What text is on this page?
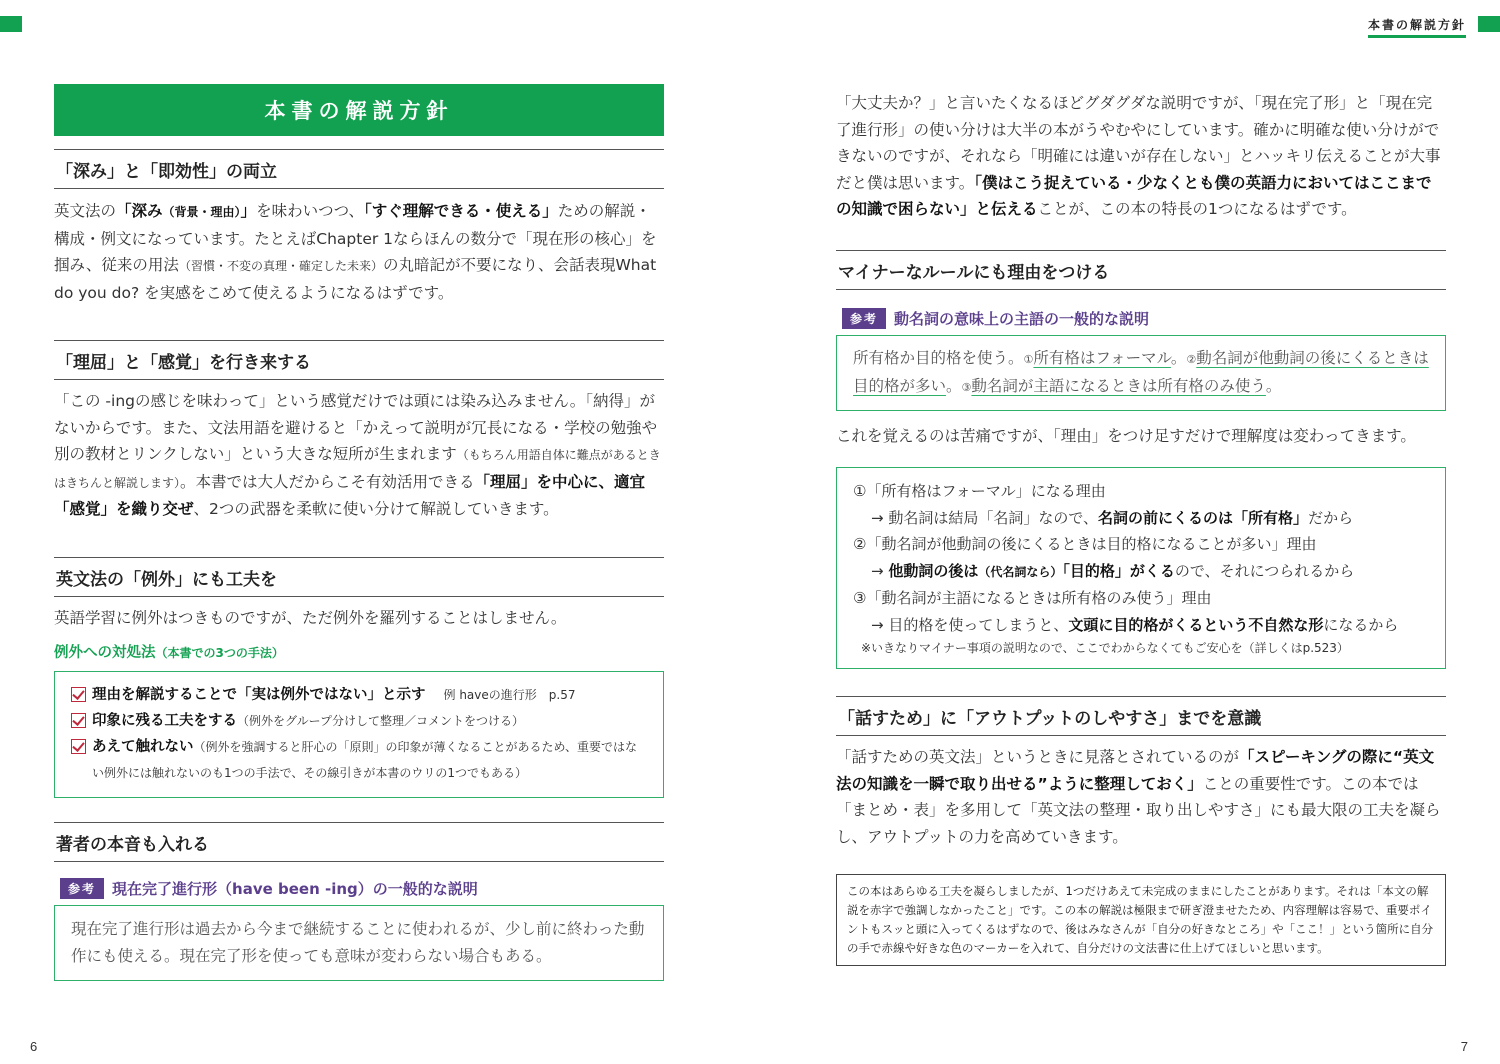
本書の解説方針
6	7
本書の解説方針
「深み」と「即効性」の両立

英文法の「深み（背景・理由）」を味わいつつ、「すぐ理解できる・使える」ための解説・構成・例文になっています。たとえばChapter 1ならほんの数分で「現在形の核心」を掴み、従来の用法（習慣・不変の真理・確定した未来）の丸暗記が不要になり、会話表現What do you do? を実感をこめて使えるようになるはずです。

「理屈」と「感覚」を行き来する

「この -ingの感じを味わって」という感覚だけでは頭には染み込みません。「納得」がないからです。また、文法用語を避けると「かえって説明が冗長になる・学校の勉強や別の教材とリンクしない」という大きな短所が生まれます（もちろん用語自体に難点があるときはきちんと解説します）。本書では大人だからこそ有効活用できる「理屈」を中心に、適宜「感覚」を織り交ぜ、2つの武器を柔軟に使い分けて解説していきます。

英文法の「例外」にも工夫を

英語学習に例外はつきものですが、ただ例外を羅列することはしません。

例外への対処法（本書での3つの手法）
理由を解説することで「実は例外ではない」と示す 例 haveの進行形　p.57
印象に残る工夫をする（例外をグループ分けして整理／コメントをつける）
あえて触れない（例外を強調すると肝心の「原則」の印象が薄くなることがあるため、重要ではない例外には触れないのも1つの手法で、その線引きが本書のウリの1つでもある）
著者の本音も入れる
参考	現在完了進行形（have been -ing）の一般的な説明
現在完了進行形は過去から今まで継続することに使われるが、少し前に終わった動作にも使える。現在完了形を使っても意味が変わらない場合もある。

「大丈夫か？」と言いたくなるほどグダグダな説明ですが、「現在完了形」と「現在完了進行形」の使い分けは大半の本がうやむやにしています。確かに明確な使い分けができないのですが、それなら「明確には違いが存在しない」とハッキリ伝えることが大事だと僕は思います。「僕はこう捉えている・少なくとも僕の英語力においてはここまでの知識で困らない」と伝えることが、この本の特長の1つになるはずです。

マイナーなルールにも理由をつける
参考	動名詞の意味上の主語の一般的な説明
所有格か目的格を使う。①所有格はフォーマル。②動名詞が他動詞の後にくるときは目的格が多い。③動名詞が主語になるときは所有格のみ使う。

これを覚えるのは苦痛ですが、「理由」をつけ足すだけで理解度は変わってきます。

①「所有格はフォーマル」になる理由
→ 動名詞は結局「名詞」なので、名詞の前にくるのは「所有格」だから
②「動名詞が他動詞の後にくるときは目的格になることが多い」理由
→ 他動詞の後は（代名詞なら）「目的格」がくるので、それにつられるから
③「動名詞が主語になるときは所有格のみ使う」理由
→ 目的格を使ってしまうと、文頭に目的格がくるという不自然な形になるから
※いきなりマイナー事項の説明なので、ここでわからなくてもご安心を（詳しくはp.523）
「話すため」に「アウトプットのしやすさ」までを意識

「話すための英文法」というときに見落とされているのが「スピーキングの際に“英文法の知識を一瞬で取り出せる”ように整理しておく」ことの重要性です。この本では「まとめ・表」を多用して「英文法の整理・取り出しやすさ」にも最大限の工夫を凝らし、アウトプットの力を高めていきます。

この本はあらゆる工夫を凝らしましたが、1つだけあえて未完成のままにしたことがあります。それは「本文の解説を赤字で強調しなかったこと」です。この本の解説は極限まで研ぎ澄ませたため、内容理解は容易で、重要ポイントもスッと頭に入ってくるはずなので、後はみなさんが「自分の好きなところ」や「ここ！」という箇所に自分の手で赤線や好きな色のマーカーを入れて、自分だけの文法書に仕上げてほしいと思います。
